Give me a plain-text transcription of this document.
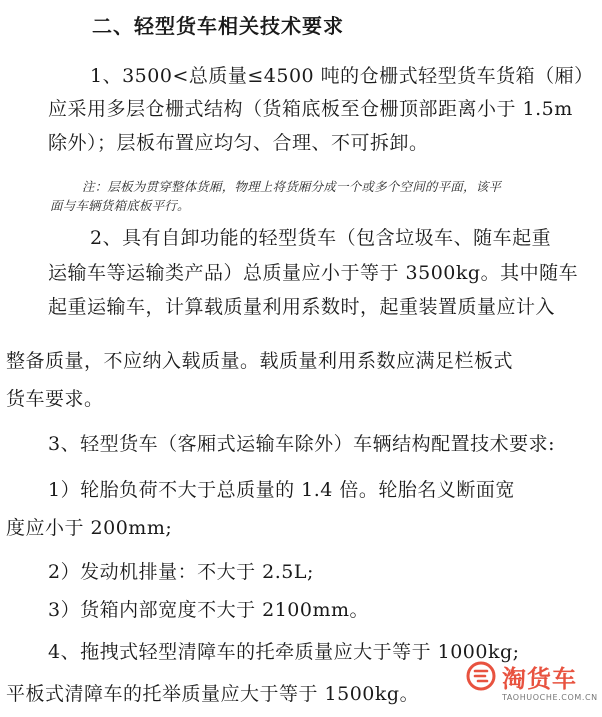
二、轻型货车相关技术要求
1、3500<总质量≤4500 吨的仓栅式轻型货车货箱（厢）
应采用多层仓栅式结构（货箱底板至仓栅顶部距离小于 1.5m
除外）；层板布置应均匀、合理、不可拆卸。
注：层板为贯穿整体货厢，物理上将货厢分成一个或多个空间的平面，该平
面与车辆货箱底板平行。
2、具有自卸功能的轻型货车（包含垃圾车、随车起重
运输车等运输类产品）总质量应小于等于 3500kg。其中随车
起重运输车，计算载质量利用系数时，起重装置质量应计入
整备质量，不应纳入载质量。载质量利用系数应满足栏板式
货车要求。
3、轻型货车（客厢式运输车除外）车辆结构配置技术要求:
1）轮胎负荷不大于总质量的 1.4 倍。轮胎名义断面宽
度应小于 200mm;
2）发动机排量：不大于 2.5L;
3）货箱内部宽度不大于 2100mm。
4、拖拽式轻型清障车的托牵质量应大于等于 1000kg;
平板式清障车的托举质量应大于等于 1500kg。
淘货车
TAOHUOCHE.COM.CN
